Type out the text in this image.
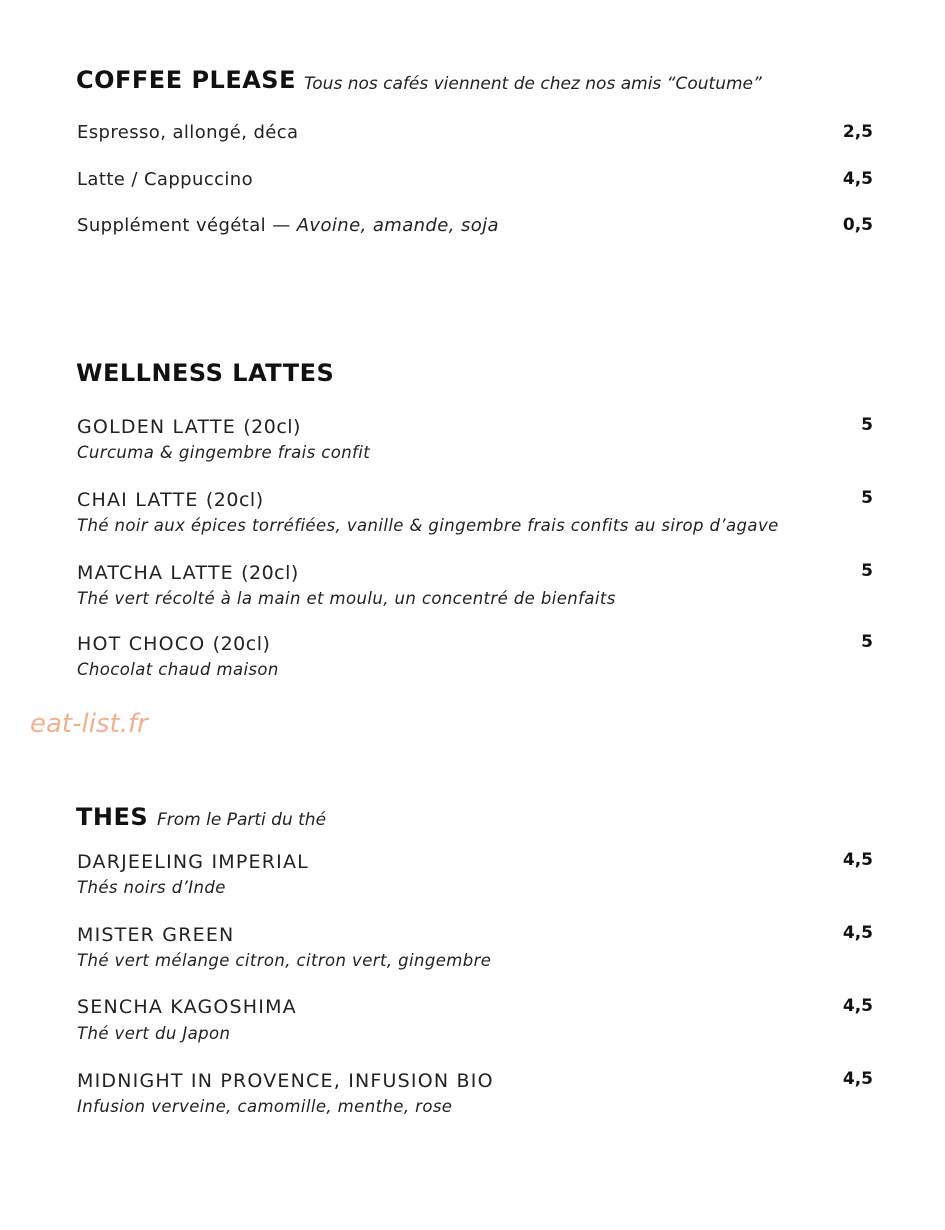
COFFEE PLEASE Tous nos cafés viennent de chez nos amis “Coutume”
Espresso, allongé, déca	2,5
Latte / Cappuccino	4,5
Supplément végétal — Avoine, amande, soja	0,5
WELLNESS LATTES
GOLDEN LATTE (20cl)
Curcuma & gingembre frais confit
5
CHAI LATTE (20cl)
Thé noir aux épices torréfiées, vanille & gingembre frais confits au sirop d’agave
5
MATCHA LATTE (20cl)
Thé vert récolté à la main et moulu, un concentré de bienfaits
5
HOT CHOCO (20cl)
Chocolat chaud maison
5
eat-list.fr
THES From le Parti du thé
DARJEELING IMPERIAL
Thés noirs d’Inde
4,5
MISTER GREEN
Thé vert mélange citron, citron vert, gingembre
4,5
SENCHA KAGOSHIMA
Thé vert du Japon
4,5
MIDNIGHT IN PROVENCE, INFUSION BIO
Infusion verveine, camomille, menthe, rose
4,5
